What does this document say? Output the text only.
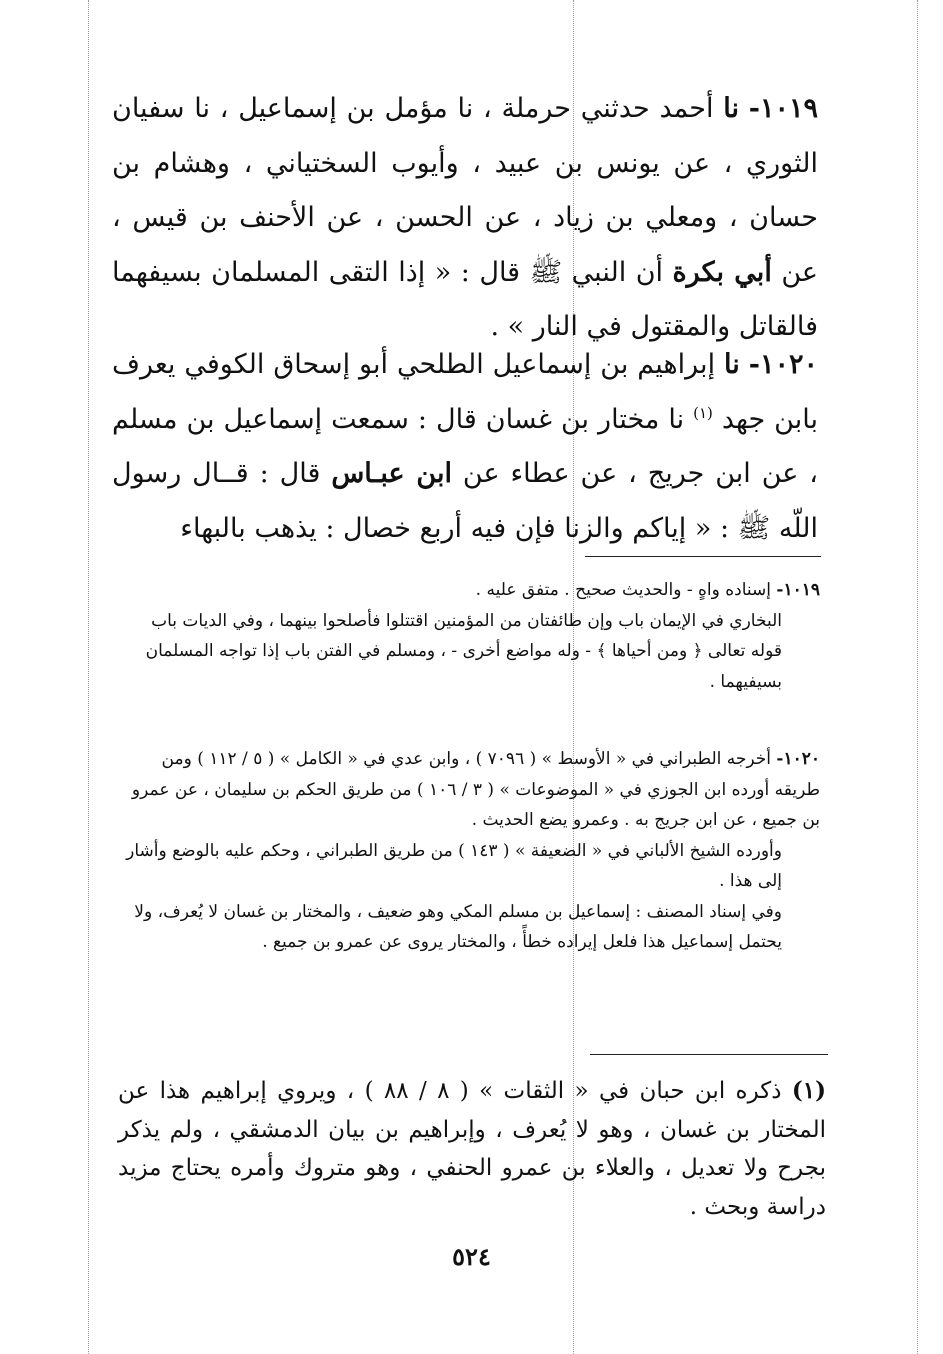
١٠١٩- نا أحمد حدثني حرملة ، نا مؤمل بن إسماعيل ، نا سفيان الثوري ، عن يونس بن عبيد ، وأيوب السختياني ، وهشام بن حسان ، ومعلي بن زياد ، عن الحسن ، عن الأحنف بن قيس ، عن أبي بكرة أن النبي ﷺ قال : « إذا التقى المسلمان بسيفهما فالقاتل والمقتول في النار » .
١٠٢٠- نا إبراهيم بن إسماعيل الطلحي أبو إسحاق الكوفي يعرف بابن جهد $^{(١)}$ نا مختار بن غسان قال : سمعت إسماعيل بن مسلم ، عن ابن جريج ، عن عطاء عن ابن عبـاس قال : قــال رسول اللّه ﷺ : « إياكم والزنا فإن فيه أربع خصال : يذهب بالبهاء
١٠١٩- إسناده واهٍ - والحديث صحيح . متفق عليه .
البخاري في الإيمان باب وإن طائفتان من المؤمنين اقتتلوا فأصلحوا بينهما ، وفي الديات باب قوله تعالى ﴿ ومن أحياها ﴾ - وله مواضع أخرى - ، ومسلم في الفتن باب إذا تواجه المسلمان بسيفيهما .
١٠٢٠- أخرجه الطبراني في « الأوسط » ( ٧٠٩٦ ) ، وابن عدي في « الكامل » ( ٥ / ١١٢ ) ومن طريقه أورده ابن الجوزي في « الموضوعات » ( ٣ / ١٠٦ ) من طريق الحكم بن سليمان ، عن عمرو بن جميع ، عن ابن جريج به . وعمرو يضع الحديث .
وأورده الشيخ الألباني في « الضعيفة » ( ١٤٣ ) من طريق الطبراني ، وحكم عليه بالوضع وأشار إلى هذا .
وفي إسناد المصنف : إسماعيل بن مسلم المكي وهو ضعيف ، والمختار بن غسان لا يُعرف، ولا يحتمل إسماعيل هذا فلعل إيراده خطأً ، والمختار يروى عن عمرو بن جميع .
(١) ذكره ابن حبان في « الثقات » ( ٨ / ٨٨ ) ، ويروي إبراهيم هذا عن المختار بن غسان ، وهو لا يُعرف ، وإبراهيم بن بيان الدمشقي ، ولم يذكر بجرح ولا تعديل ، والعلاء بن عمرو الحنفي ، وهو متروك وأمره يحتاج مزيد دراسة وبحث .
٥٢٤
